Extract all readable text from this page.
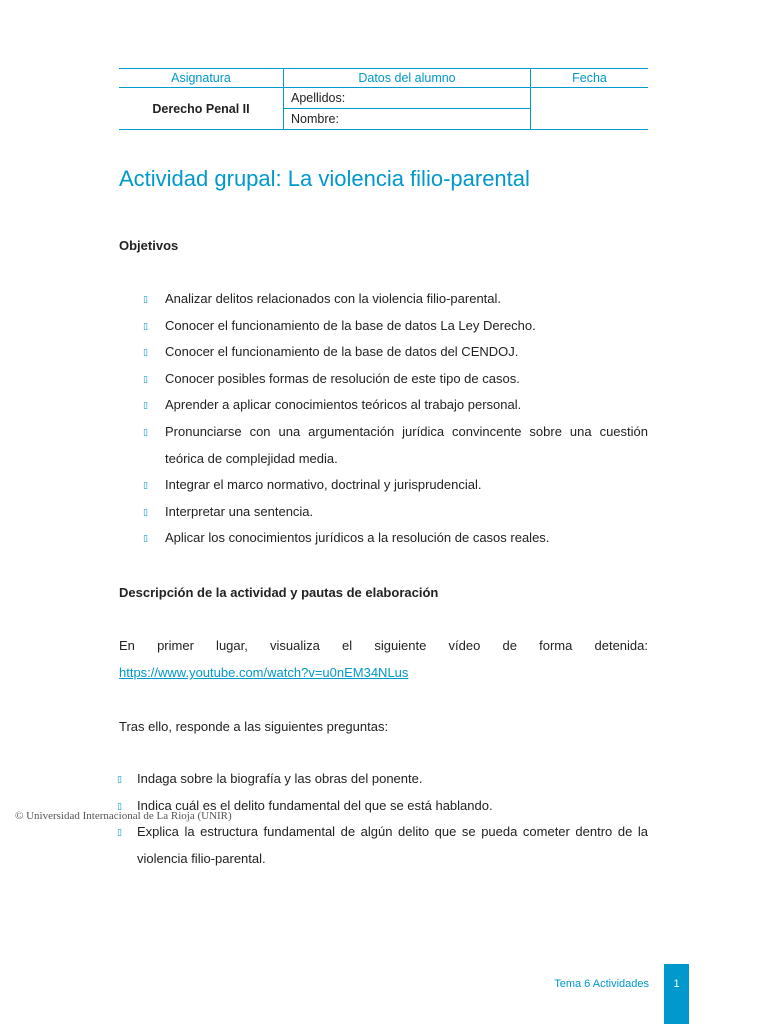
Asignatura	Datos del alumno	Fecha
Derecho Penal II	Apellidos:	
	Nombre:	
Actividad grupal: La violencia filio-parental
Objetivos
▯ Analizar delitos relacionados con la violencia filio-parental.
▯ Conocer el funcionamiento de la base de datos La Ley Derecho.
▯ Conocer el funcionamiento de la base de datos del CENDOJ.
▯ Conocer posibles formas de resolución de este tipo de casos.
▯ Aprender a aplicar conocimientos teóricos al trabajo personal.
▯ Pronunciarse con una argumentación jurídica convincente sobre una cuestión teórica de complejidad media.
▯ Integrar el marco normativo, doctrinal y jurisprudencial.
▯ Interpretar una sentencia.
▯ Aplicar los conocimientos jurídicos a la resolución de casos reales.
Descripción de la actividad y pautas de elaboración

En primer lugar, visualiza el siguiente vídeo de forma detenida:

https://www.youtube.com/watch?v=u0nEM34NLus

Tras ello, responde a las siguientes preguntas:

▯ Indaga sobre la biografía y las obras del ponente.
▯ Indica cuál es el delito fundamental del que se está hablando.
▯ Explica la estructura fundamental de algún delito que se pueda cometer dentro de la violencia filio-parental.
© Universidad Internacional de La Rioja (UNIR)
Tema 6 Actividades	1
